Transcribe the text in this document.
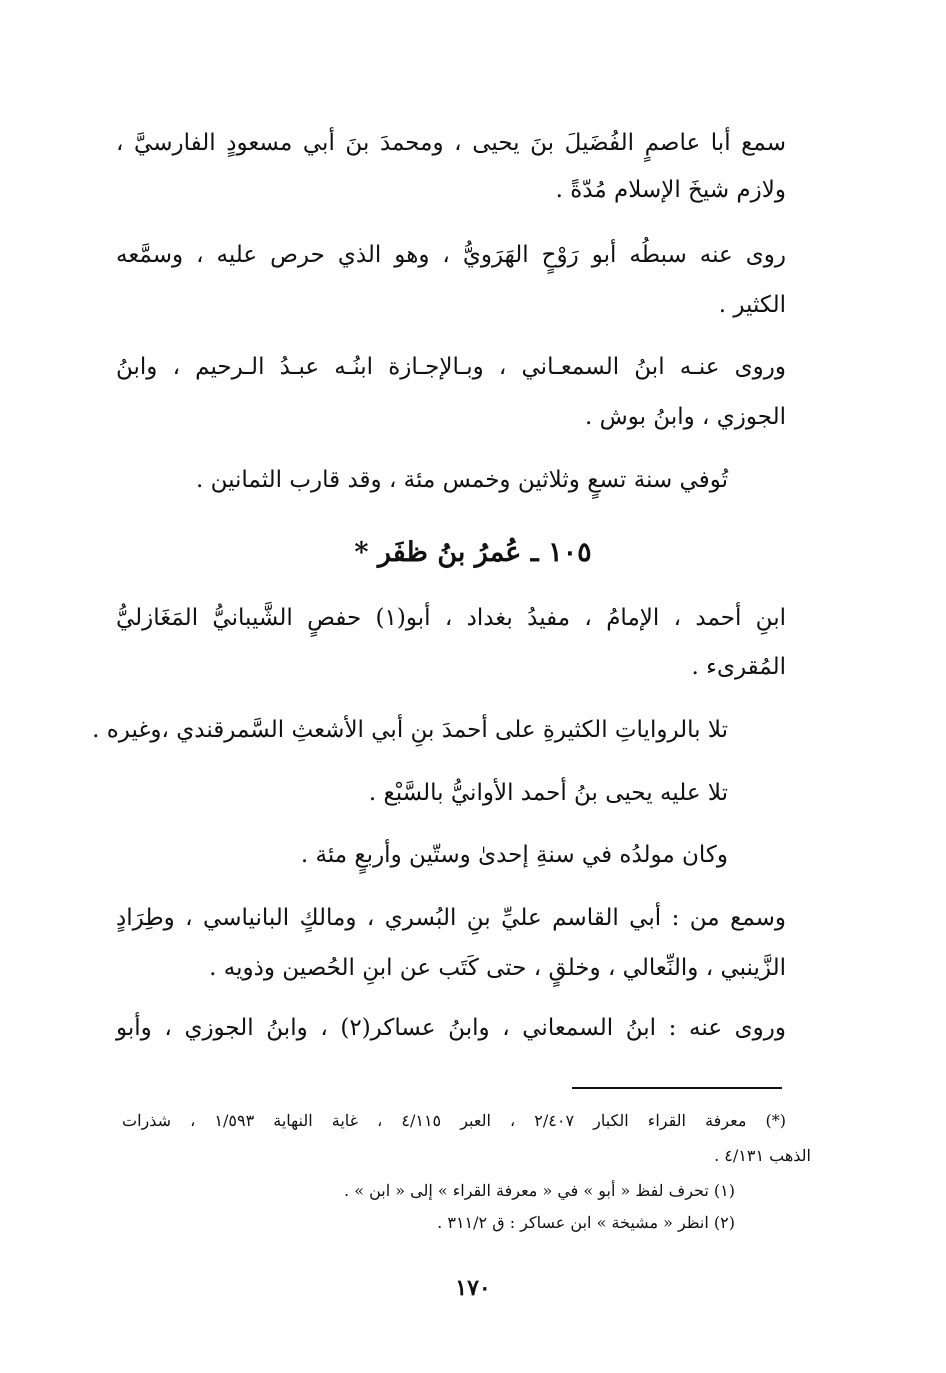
سمع أبا عاصمٍ الفُضَيلَ بنَ يحيى ، ومحمدَ بنَ أبي مسعودٍ الفارسيَّ ،
ولازم شيخَ الإسلام مُدّةً .
روى عنه سبطُه أبو رَوْحٍ الهَرَويُّ ، وهو الذي حرص عليه ، وسمَّعه
الكثير .
وروى عنـه ابنُ السمعـاني ، وبـالإجـازة ابنُـه عبـدُ الـرحيم ، وابنُ
الجوزي ، وابنُ بوش .
تُوفي سنة تسعٍ وثلاثين وخمس مئة ، وقد قارب الثمانين .
١٠٥ ـ عُمرُ بنُ ظفَر *
ابنِ أحمد ، الإمامُ ، مفيدُ بغداد ، أبو(١) حفصٍ الشَّيبانيُّ المَغَازليُّ
المُقرىء .
تلا بالرواياتِ الكثيرةِ على أحمدَ بنِ أبي الأشعثِ السَّمرقندي ،وغيره .
تلا عليه يحيى بنُ أحمد الأوانيُّ بالسَّبْع .
وكان مولدُه في سنةِ إحدىٰ وستّين وأربعٍ مئة .
وسمع من : أبي القاسم عليِّ بنِ البُسري ، ومالكٍ البانياسي ، وطِرَادٍ
الزَّينبي ، والنِّعالي ، وخلقٍ ، حتى كَتَب عن ابنِ الحُصين وذويه .
وروى عنه : ابنُ السمعاني ، وابنُ عساكر(٢) ، وابنُ الجوزي ، وأبو
(*) معرفة القراء الكبار ٢/٤٠٧ ، العبر ٤/١١٥ ، غاية النهاية ١/٥٩٣ ، شذرات
الذهب ٤/١٣١ .
(١) تحرف لفظ « أبو » في « معرفة القراء » إلى « ابن » .
(٢) انظر « مشيخة » ابن عساكر : ق ٣١١/٢ .
١٧٠
